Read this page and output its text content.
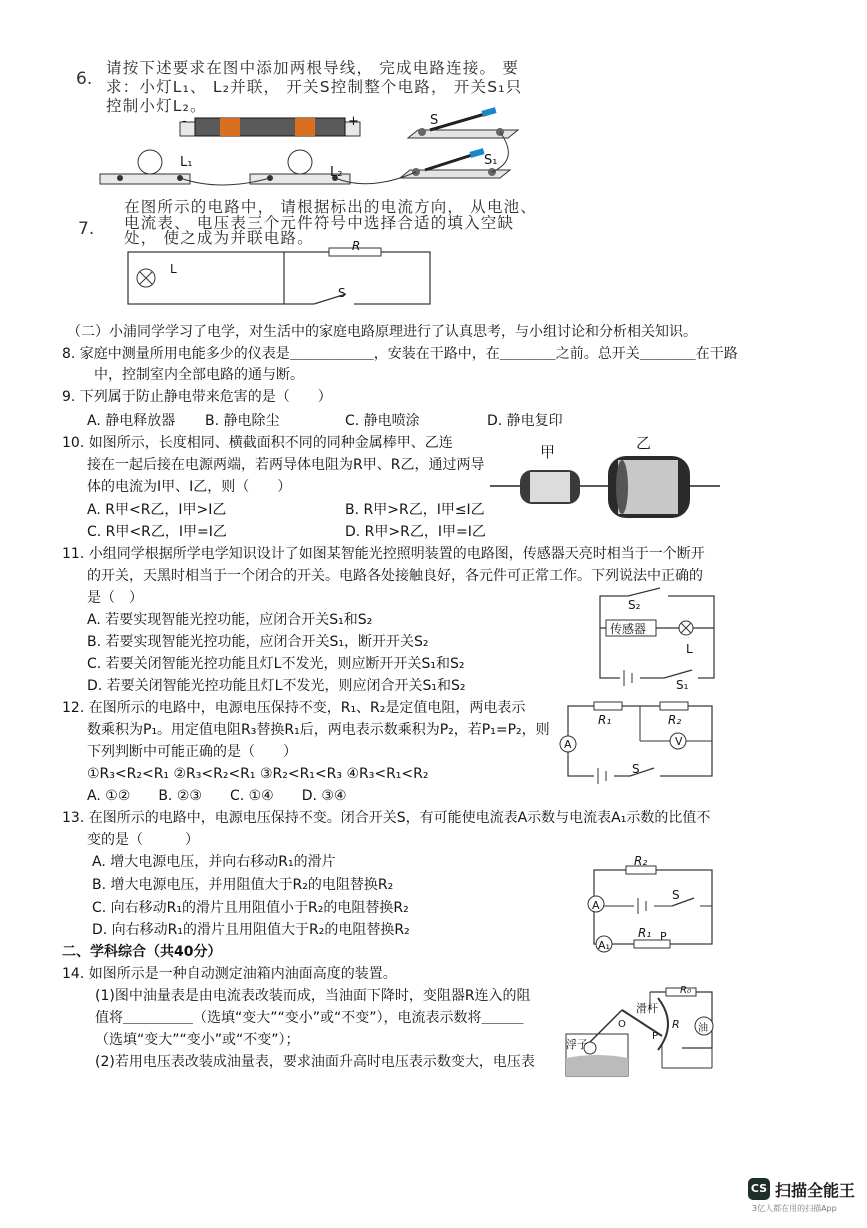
6.
请按下述要求在图中添加两根导线， 完成电路连接。 要
求：小灯L₁、 L₂并联， 开关S控制整个电路， 开关S₁只
控制小灯L₂。
-	+	S
S₁
L₁
L₂
7.
在图所示的电路中， 请根据标出的电流方向， 从电池、
电流表、 电压表三个元件符号中选择合适的填入空缺
处， 使之成为并联电路。	R
L
S
（二）小浦同学学习了电学，对生活中的家庭电路原理进行了认真思考，与小组讨论和分析相关知识。
8. 家庭中测量所用电能多少的仪表是＿＿＿＿＿＿，安装在干路中，在＿＿＿＿之前。总开关＿＿＿＿在干路
中，控制室内全部电路的通与断。
9. 下列属于防止静电带来危害的是（　　）
A. 静电释放器 B. 静电除尘	C. 静电喷涂	D. 静电复印
10. 如图所示，长度相同、横截面积不同的同种金属棒甲、乙连
接在一起后接在电源两端，若两导体电阻为R甲、R乙，通过两导
体的电流为I甲、I乙，则（　　）
A. R甲<R乙，I甲>I乙	B. R甲>R乙，I甲≤I乙
C. R甲<R乙，I甲=I乙	D. R甲>R乙，I甲=I乙
甲	乙
11. 小组同学根据所学电学知识设计了如图某智能光控照明装置的电路图，传感器天亮时相当于一个断开
的开关，天黑时相当于一个闭合的开关。电路各处接触良好，各元件可正常工作。下列说法中正确的
是（　）
A. 若要实现智能光控功能，应闭合开关S₁和S₂
B. 若要实现智能光控功能，应闭合开关S₁，断开开关S₂
C. 若要关闭智能光控功能且灯L不发光，则应断开开关S₁和S₂
D. 若要关闭智能光控功能且灯L不发光，则应闭合开关S₁和S₂
S₂
传感器
L
S₁
12. 在图所示的电路中，电源电压保持不变，R₁、R₂是定值电阻，两电表示
数乘积为P₁。用定值电阻R₃替换R₁后，两电表示数乘积为P₂，若P₁=P₂，则
下列判断中可能正确的是（　　）
①R₃<R₂<R₁ ②R₃<R₂<R₁ ③R₂<R₁<R₃ ④R₃<R₁<R₂
A. ①②　　B. ②③　　C. ①④　　D. ③④
R₁	R₂
A	V
S
13. 在图所示的电路中，电源电压保持不变。闭合开关S，有可能使电流表A示数与电流表A₁示数的比值不
变的是（　　　）
A. 增大电源电压，并向右移动R₁的滑片
B. 增大电源电压，并用阻值大于R₂的电阻替换R₂
C. 向右移动R₁的滑片且用阻值小于R₂的电阻替换R₂
D. 向右移动R₁的滑片且用阻值大于R₂的电阻替换R₂
R₂
A
S
A₁
R₁ P
二、学科综合（共40分）
14. 如图所示是一种自动测定油箱内油面高度的装置。
(1)图中油量表是由电流表改装而成，当油面下降时，变阻器R连入的阻
值将＿＿＿＿＿（选填“变大”“变小”或“不变”），电流表示数将＿＿＿
（选填“变大”“变小”或“不变”）；
(2)若用电压表改装成油量表，要求油面升高时电压表示数变大，电压表
R₀
滑杆
浮子
O	R
P
油
CS 扫描全能王
3亿人都在用的扫描App
